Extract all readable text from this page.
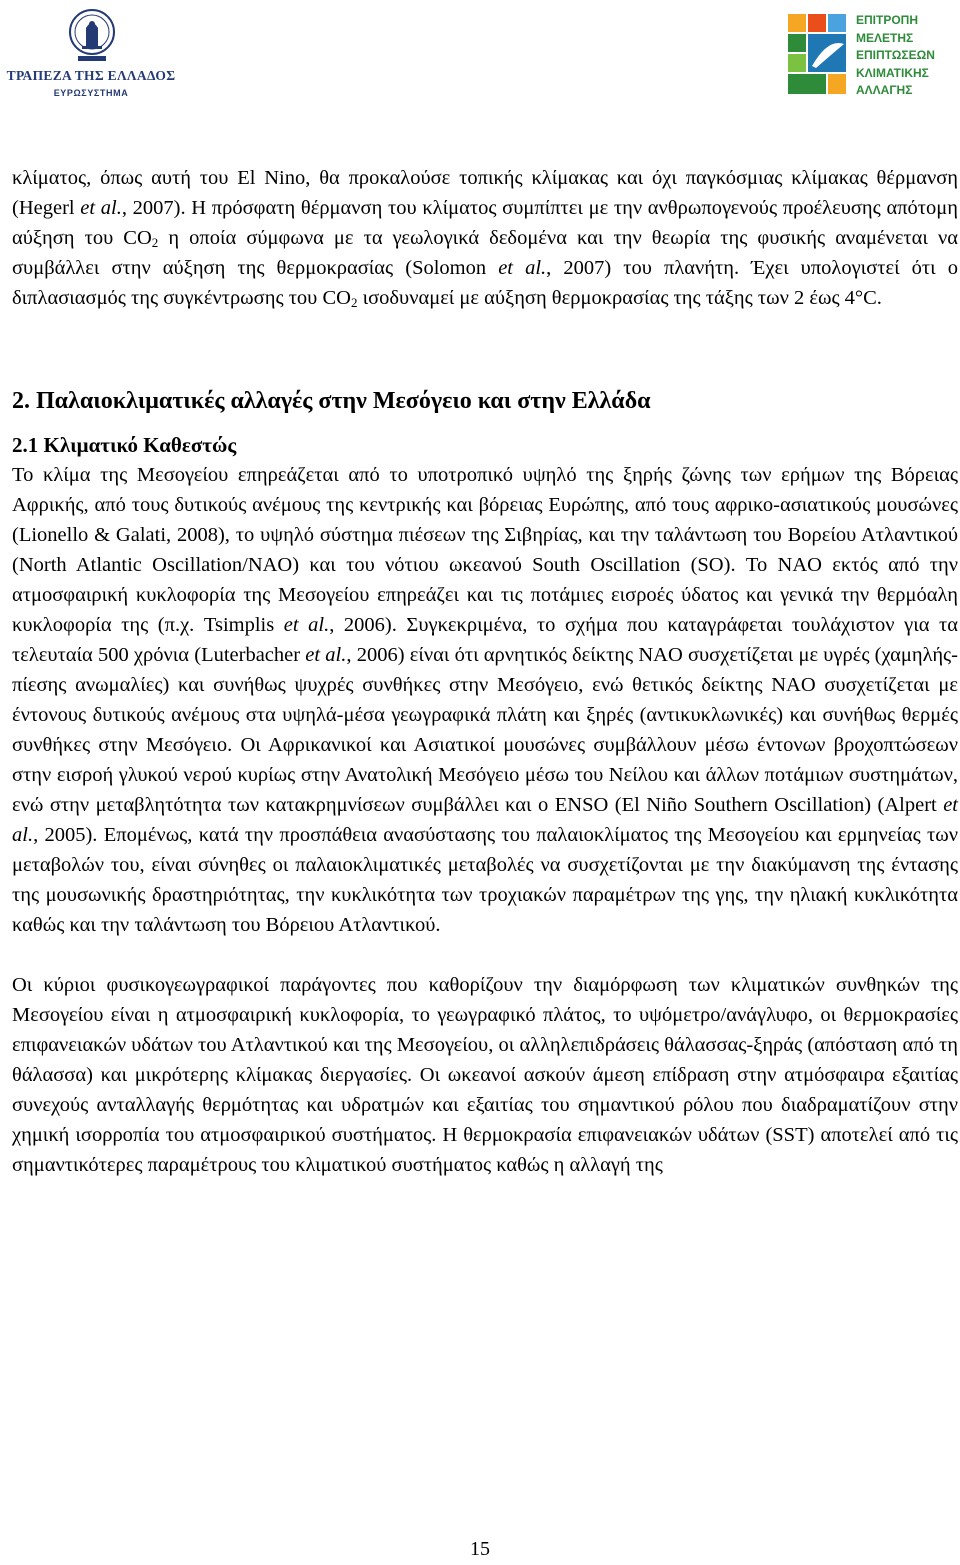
ΤΡΑΠΕΖΑ ΤΗΣ ΕΛΛΑΔΟΣ
ΕΥΡΩΣΥΣΤΗΜΑ
ΕΠΙΤΡΟΠΗ
ΜΕΛΕΤΗΣ
ΕΠΙΠΤΩΣΕΩΝ
ΚΛΙΜΑΤΙΚΗΣ
ΑΛΛΑΓΗΣ

κλίματος, όπως αυτή του El Nino, θα προκαλούσε τοπικής κλίμακας και όχι παγκόσμιας κλίμακας θέρμανση (Hegerl et al., 2007). Η πρόσφατη θέρμανση του κλίματος συμπίπτει με την ανθρωπογενούς προέλευσης απότομη αύξηση του $CO_2$ η οποία σύμφωνα με τα γεωλογικά δεδομένα και την θεωρία της φυσικής αναμένεται να συμβάλλει στην αύξηση της θερμοκρασίας (Solomon et al., 2007) του πλανήτη. Έχει υπολογιστεί ότι ο διπλασιασμός της συγκέντρωσης του $CO_2$ ισοδυναμεί με αύξηση θερμοκρασίας της τάξης των 2 έως 4°C.

2. Παλαιοκλιματικές αλλαγές στην Μεσόγειο και στην Ελλάδα
2.1 Κλιματικό Καθεστώς

Το κλίμα της Μεσογείου επηρεάζεται από το υποτροπικό υψηλό της ξηρής ζώνης των ερήμων της Βόρειας Αφρικής, από τους δυτικούς ανέμους της κεντρικής και βόρειας Ευρώπης, από τους αφρικο-ασιατικούς μουσώνες (Lionello & Galati, 2008), το υψηλό σύστημα πιέσεων της Σιβηρίας, και την ταλάντωση του Βορείου Ατλαντικού (North Atlantic Oscillation/NAO) και του νότιου ωκεανού South Oscillation (SO). Το NAO εκτός από την ατμοσφαιρική κυκλοφορία της Μεσογείου επηρεάζει και τις ποτάμιες εισροές ύδατος και γενικά την θερμόαλη κυκλοφορία της (π.χ. Tsimplis et al., 2006). Συγκεκριμένα, το σχήμα που καταγράφεται τουλάχιστον για τα τελευταία 500 χρόνια (Luterbacher et al., 2006) είναι ότι αρνητικός δείκτης NAO συσχετίζεται με υγρές (χαμηλής-πίεσης ανωμαλίες) και συνήθως ψυχρές συνθήκες στην Μεσόγειο, ενώ θετικός δείκτης NAO συσχετίζεται με έντονους δυτικούς ανέμους στα υψηλά-μέσα γεωγραφικά πλάτη και ξηρές (αντικυκλωνικές) και συνήθως θερμές συνθήκες στην Μεσόγειο. Οι Αφρικανικοί και Ασιατικοί μουσώνες συμβάλλουν μέσω έντονων βροχοπτώσεων στην εισροή γλυκού νερού κυρίως στην Ανατολική Μεσόγειο μέσω του Νείλου και άλλων ποτάμιων συστημάτων, ενώ στην μεταβλητότητα των κατακρημνίσεων συμβάλλει και ο ENSO (El Niño Southern Oscillation) (Alpert et al., 2005). Επομένως, κατά την προσπάθεια ανασύστασης του παλαιοκλίματος της Μεσογείου και ερμηνείας των μεταβολών του, είναι σύνηθες οι παλαιοκλιματικές μεταβολές να συσχετίζονται με την διακύμανση της έντασης της μουσωνικής δραστηριότητας, την κυκλικότητα των τροχιακών παραμέτρων της γης, την ηλιακή κυκλικότητα καθώς και την ταλάντωση του Βόρειου Ατλαντικού.

Οι κύριοι φυσικογεωγραφικοί παράγοντες που καθορίζουν την διαμόρφωση των κλιματικών συνθηκών της Μεσογείου είναι η ατμοσφαιρική κυκλοφορία, το γεωγραφικό πλάτος, το υψόμετρο/ανάγλυφο, οι θερμοκρασίες επιφανειακών υδάτων του Ατλαντικού και της Μεσογείου, οι αλληλεπιδράσεις θάλασσας-ξηράς (απόσταση από τη θάλασσα) και μικρότερης κλίμακας διεργασίες. Οι ωκεανοί ασκούν άμεση επίδραση στην ατμόσφαιρα εξαιτίας συνεχούς ανταλλαγής θερμότητας και υδρατμών και εξαιτίας του σημαντικού ρόλου που διαδραματίζουν στην χημική ισορροπία του ατμοσφαιρικού συστήματος. Η θερμοκρασία επιφανειακών υδάτων (SST) αποτελεί από τις σημαντικότερες παραμέτρους του κλιματικού συστήματος καθώς η αλλαγή της

15
